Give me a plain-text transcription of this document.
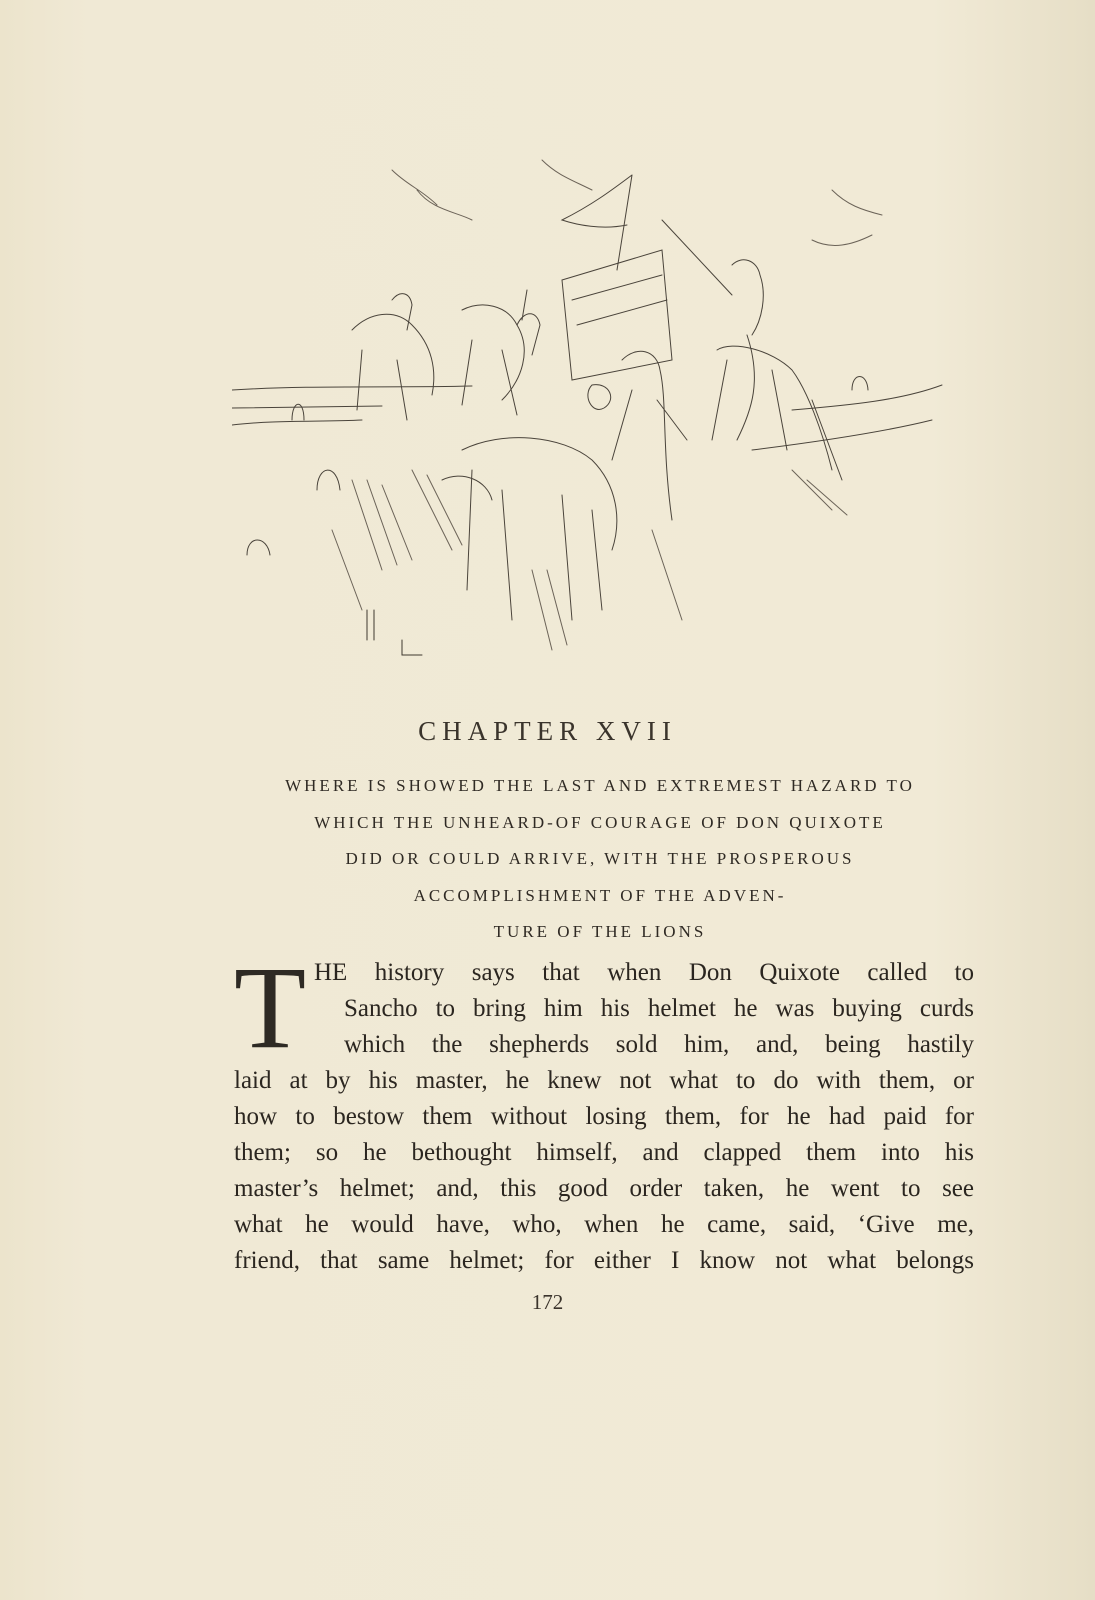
CHAPTER XVII
WHERE IS SHOWED THE LAST AND EXTREMEST HAZARD TO
WHICH THE UNHEARD-OF COURAGE OF DON QUIXOTE
DID OR COULD ARRIVE, WITH THE PROSPEROUS
ACCOMPLISHMENT OF THE ADVEN-
TURE OF THE LIONS
T HE history says that when Don Quixote called to
Sancho to bring him his helmet he was buying curds
which the shepherds sold him, and, being hastily
laid at by his master, he knew not what to do with them, or
how to bestow them without losing them, for he had paid for
them; so he bethought himself, and clapped them into his
master’s helmet; and, this good order taken, he went to see
what he would have, who, when he came, said, ‘Give me,
friend, that same helmet; for either I know not what belongs
172
